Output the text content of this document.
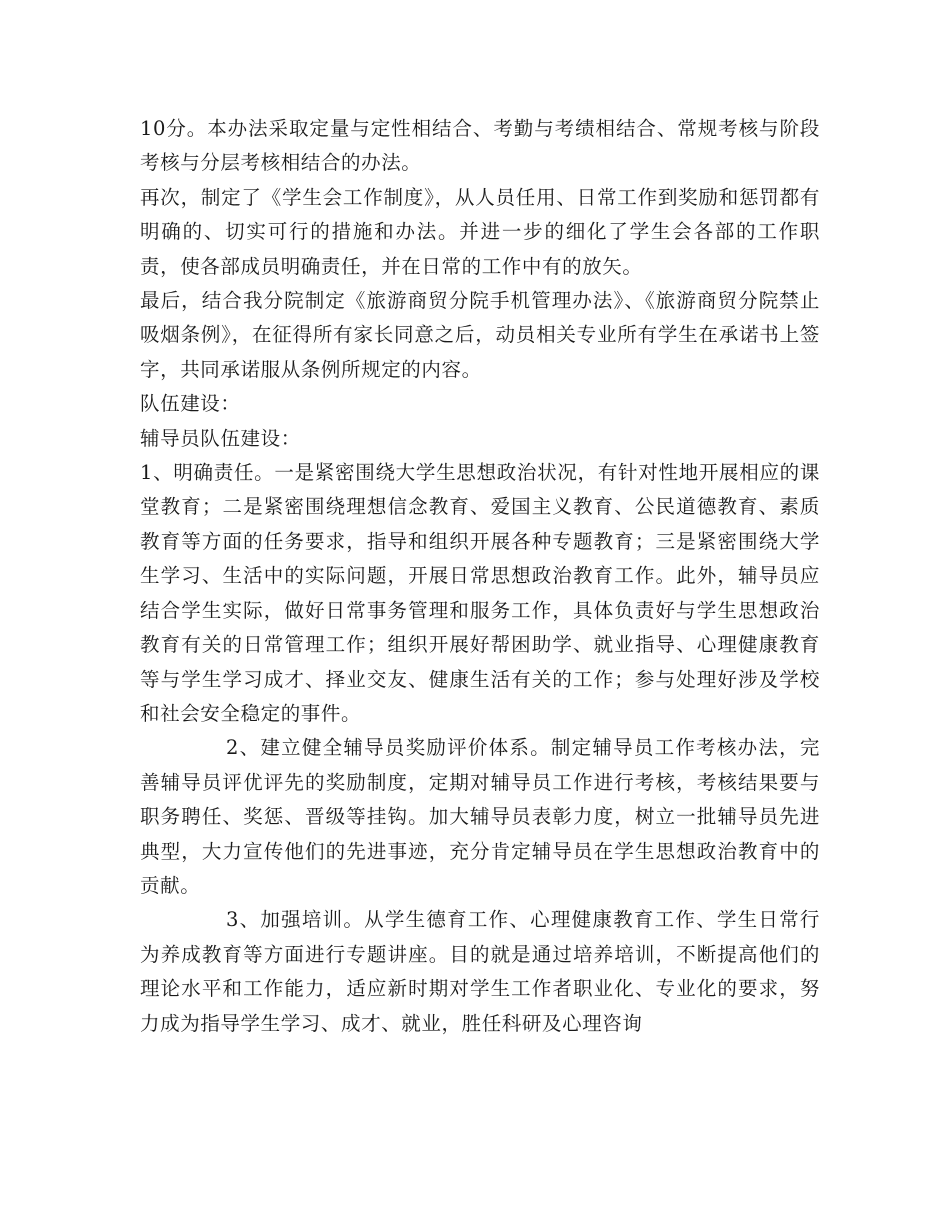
10分。本办法采取定量与定性相结合、考勤与考绩相结合、常规考核与阶段考核与分层考核相结合的办法。

再次，制定了《学生会工作制度》，从人员任用、日常工作到奖励和惩罚都有明确的、切实可行的措施和办法。并进一步的细化了学生会各部的工作职责，使各部成员明确责任，并在日常的工作中有的放矢。

最后，结合我分院制定《旅游商贸分院手机管理办法》、《旅游商贸分院禁止吸烟条例》，在征得所有家长同意之后，动员相关专业所有学生在承诺书上签字，共同承诺服从条例所规定的内容。

队伍建设：

辅导员队伍建设：

1、明确责任。一是紧密围绕大学生思想政治状况，有针对性地开展相应的课堂教育；二是紧密围绕理想信念教育、爱国主义教育、公民道德教育、素质教育等方面的任务要求，指导和组织开展各种专题教育；三是紧密围绕大学生学习、生活中的实际问题，开展日常思想政治教育工作。此外，辅导员应结合学生实际，做好日常事务管理和服务工作，具体负责好与学生思想政治教育有关的日常管理工作；组织开展好帮困助学、就业指导、心理健康教育等与学生学习成才、择业交友、健康生活有关的工作；参与处理好涉及学校和社会安全稳定的事件。

2、建立健全辅导员奖励评价体系。制定辅导员工作考核办法，完善辅导员评优评先的奖励制度，定期对辅导员工作进行考核，考核结果要与职务聘任、奖惩、晋级等挂钩。加大辅导员表彰力度，树立一批辅导员先进典型，大力宣传他们的先进事迹，充分肯定辅导员在学生思想政治教育中的贡献。

3、加强培训。从学生德育工作、心理健康教育工作、学生日常行为养成教育等方面进行专题讲座。目的就是通过培养培训，不断提高他们的理论水平和工作能力，适应新时期对学生工作者职业化、专业化的要求，努力成为指导学生学习、成才、就业，胜任科研及心理咨询
